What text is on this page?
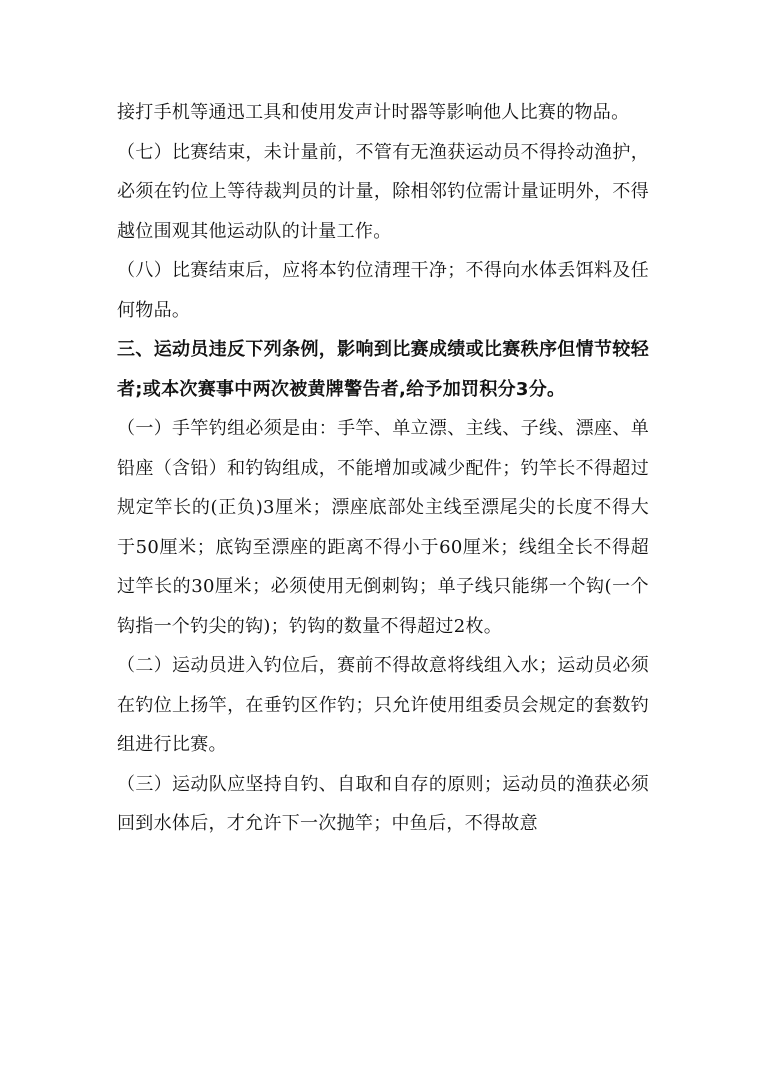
接打手机等通迅工具和使用发声计时器等影响他人比赛的物品。

（七）比赛结束，未计量前，不管有无渔获运动员不得拎动渔护，必须在钓位上等待裁判员的计量，除相邻钓位需计量证明外，不得越位围观其他运动队的计量工作。

（八）比赛结束后，应将本钓位清理干净；不得向水体丢饵料及任何物品。

三、运动员违反下列条例，影响到比赛成绩或比赛秩序但情节较轻者;或本次赛事中两次被黄牌警告者,给予加罚积分3分。

（一）手竿钓组必须是由：手竿、单立漂、主线、子线、漂座、单铅座（含铅）和钓钩组成，不能增加或减少配件；钓竿长不得超过规定竿长的(正负)3厘米；漂座底部处主线至漂尾尖的长度不得大于50厘米；底钩至漂座的距离不得小于60厘米；线组全长不得超过竿长的30厘米；必须使用无倒刺钩；单子线只能绑一个钩(一个钩指一个钓尖的钩)；钓钩的数量不得超过2枚。

（二）运动员进入钓位后，赛前不得故意将线组入水；运动员必须在钓位上扬竿，在垂钓区作钓；只允许使用组委员会规定的套数钓组进行比赛。

（三）运动队应坚持自钓、自取和自存的原则；运动员的渔获必须回到水体后，才允许下一次抛竿；中鱼后，不得故意
